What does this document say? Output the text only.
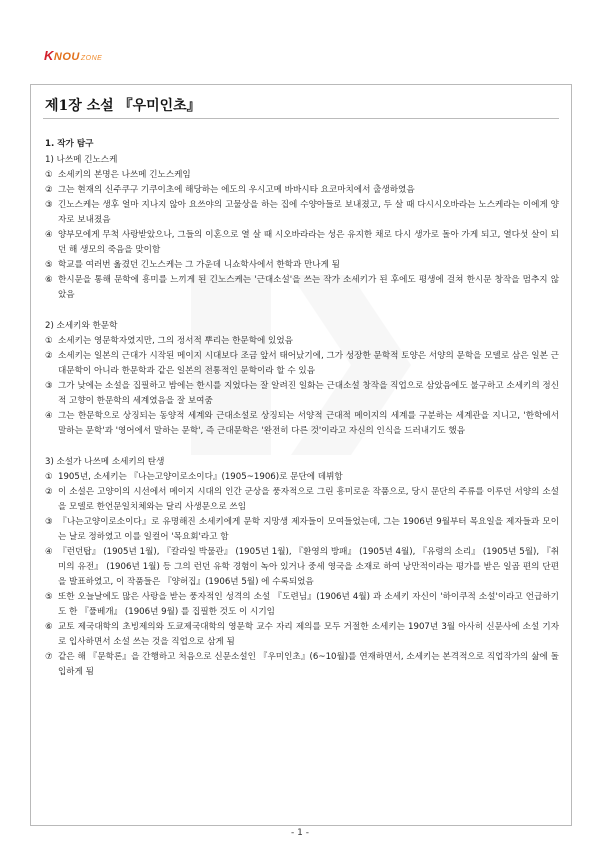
KNOUZONE
제1장 소설 『우미인초』
1. 작가 탐구
1) 나쓰메 긴노스케
① 소세키의 본명은 나쓰메 긴노스케임
② 그는 현재의 신주쿠구 기쿠이초에 해당하는 에도의 우시고메 바바시타 요코마치에서 출생하였음
③ 긴노스케는 생후 얼마 지나지 않아 요쓰야의 고물상을 하는 집에 수양아들로 보내졌고, 두 살 때 다시시오바라는 노스케라는 이에게 양자로 보내졌음
④ 양부모에게 무척 사랑받았으나, 그들의 이혼으로 열 살 때 시오바라라는 성은 유지한 채로 다시 생가로 돌아 가게 되고, 열다섯 살이 되던 해 생모의 죽음을 맞이함
⑤ 학교를 여러번 옮겼던 긴노스케는 그 가운데 니쇼학사에서 한학과 만나게 됨
⑥ 한시문을 통해 문학에 흥미를 느끼게 된 긴노스케는 '근대소설'을 쓰는 작가 소세키가 된 후에도 평생에 걸쳐 한시문 창작을 멈추지 않았음
2) 소세키와 한문학
① 소세키는 영문학자였지만, 그의 정서적 뿌리는 한문학에 있었음
② 소세키는 일본의 근대가 시작된 메이지 시대보다 조금 앞서 태어났기에, 그가 성장한 문학적 토양은 서양의 문학을 모델로 삼은 일본 근대문학이 아니라 한문학과 같은 일본의 전통적인 문학이라 할 수 있음
③ 그가 낮에는 소설을 집필하고 밤에는 한시를 지었다는 잘 알려진 일화는 근대소설 창작을 직업으로 삼았음에도 불구하고 소세키의 정신적 고향이 한문학의 세계였음을 잘 보여줌
④ 그는 한문학으로 상징되는 동양적 세계와 근대소설로 상징되는 서양적 근대적 메이지의 세계를 구분하는 세계관을 지니고, '한학에서 말하는 문학'과 '영어에서 말하는 문학', 즉 근대문학은 '완전히 다른 것'이라고 자신의 인식을 드러내기도 했음
3) 소설가 나쓰메 소세키의 탄생
① 1905년, 소세키는 『나는고양이로소이다』(1905~1906)로 문단에 데뷔함
② 이 소설은 고양이의 시선에서 메이지 시대의 인간 군상을 풍자적으로 그린 흥미로운 작품으로, 당시 문단의 주류를 이루던 서양의 소설을 모델로 한언문일치체와는 달리 사생문으로 쓰임
③ 『나는고양이로소이다』로 유명해진 소세키에게 문학 지망생 제자들이 모여들었는데, 그는 1906년 9월부터 목요일을 제자들과 모이는 날로 정하였고 이를 일컬어 '목요회'라고 함
④ 『런던탑』 (1905년 1월), 『칼라일 박물관』 (1905년 1월), 『환영의 방패』 (1905년 4월), 『유령의 소리』 (1905년 5월), 『취미의 유전』 (1906년 1월) 등 그의 런던 유학 경험이 녹아 있거나 중세 영국을 소재로 하여 낭만적이라는 평가를 받은 일곱 편의 단편을 발표하였고, 이 작품들은 『양허집』(1906년 5월) 에 수록되었음
⑤ 또한 오늘날에도 많은 사랑을 받는 풍자적인 성격의 소설 『도련님』(1906년 4월) 과 소세키 자신이 '하이쿠적 소설'이라고 언급하기도 한 『풀베개』 (1906년 9월) 를 집필한 것도 이 시기임
⑥ 교토 제국대학의 초빙제의와 도쿄제국대학의 영문학 교수 자리 제의를 모두 거절한 소세키는 1907년 3월 아사히 신문사에 소설 기자로 입사하면서 소설 쓰는 것을 직업으로 삼게 됨
⑦ 같은 해 『문학론』을 간행하고 처음으로 신문소설인 『우미인초』(6~10월)를 연재하면서, 소세키는 본격적으로 직업작가의 삶에 돌입하게 됨
- 1 -
